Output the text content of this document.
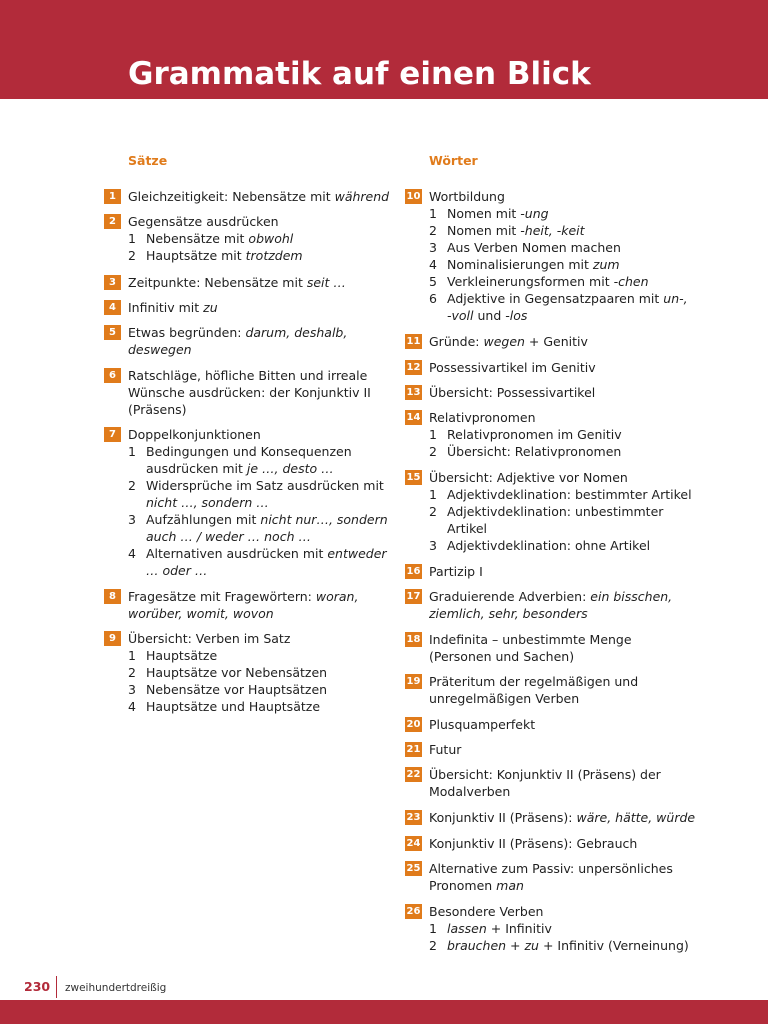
Grammatik auf einen Blick
Sätze
1 Gleichzeitigkeit: Nebensätze mit während
2 Gegensätze ausdrücken
1 Nebensätze mit obwohl
2 Hauptsätze mit trotzdem
3 Zeitpunkte: Nebensätze mit seit …
4 Infinitiv mit zu
5 Etwas begründen: darum, deshalb,
deswegen
6 Ratschläge, höfliche Bitten und irreale
Wünsche ausdrücken: der Konjunktiv II
(Präsens)
7 Doppelkonjunktionen
1 Bedingungen und Konsequenzen
ausdrücken mit je …, desto …
2 Widersprüche im Satz ausdrücken mit
nicht …, sondern …
3 Aufzählungen mit nicht nur…, sondern
auch … / weder … noch …
4 Alternativen ausdrücken mit entweder
… oder …
8 Fragesätze mit Fragewörtern: woran,
worüber, womit, wovon
9 Übersicht: Verben im Satz
1 Hauptsätze
2 Hauptsätze vor Nebensätzen
3 Nebensätze vor Hauptsätzen
4 Hauptsätze und Hauptsätze
Wörter
10 Wortbildung
1 Nomen mit -ung
2 Nomen mit -heit, -keit
3 Aus Verben Nomen machen
4 Nominalisierungen mit zum
5 Verkleinerungsformen mit -chen
6 Adjektive in Gegensatzpaaren mit un-,
-voll und -los
11 Gründe: wegen + Genitiv
12 Possessivartikel im Genitiv
13 Übersicht: Possessivartikel
14 Relativpronomen
1 Relativpronomen im Genitiv
2 Übersicht: Relativpronomen
15 Übersicht: Adjektive vor Nomen
1 Adjektivdeklination: bestimmter Artikel
2 Adjektivdeklination: unbestimmter
Artikel
3 Adjektivdeklination: ohne Artikel
16 Partizip I
17 Graduierende Adverbien: ein bisschen,
ziemlich, sehr, besonders
18 Indefinita – unbestimmte Menge
(Personen und Sachen)
19 Präteritum der regelmäßigen und
unregelmäßigen Verben
20 Plusquamperfekt
21 Futur
22 Übersicht: Konjunktiv II (Präsens) der
Modalverben
23 Konjunktiv II (Präsens): wäre, hätte, würde
24 Konjunktiv II (Präsens): Gebrauch
25 Alternative zum Passiv: unpersönliches
Pronomen man
26 Besondere Verben
1 lassen + Infinitiv
2 brauchen + zu + Infinitiv (Verneinung)
230 zweihundertdreißig
